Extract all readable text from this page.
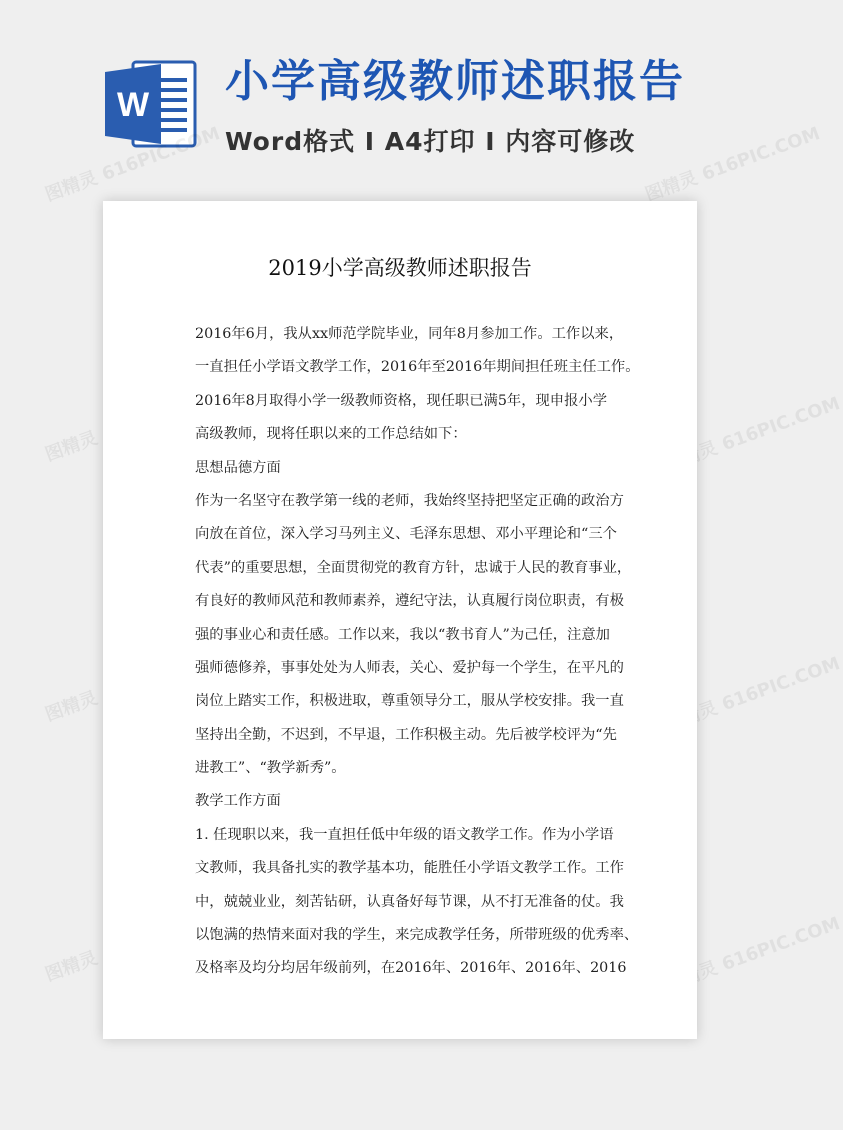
W 小学高级教师述职报告
Word格式 I A4打印 I 内容可修改
图精灵 616PIC.COM	图精灵 616PIC.COM
图精灵	图精灵 616PIC.COM
图精灵	图精灵 616PIC.COM
图精灵	图精灵 616PIC.COM
2019小学高级教师述职报告
2016年6月，我从xx师范学院毕业，同年8月参加工作。工作以来，
一直担任小学语文教学工作，2016年至2016年期间担任班主任工作。
2016年8月取得小学一级教师资格，现任职已满5年，现申报小学
高级教师，现将任职以来的工作总结如下：
思想品德方面
作为一名坚守在教学第一线的老师，我始终坚持把坚定正确的政治方
向放在首位，深入学习马列主义、毛泽东思想、邓小平理论和“三个
代表”的重要思想，全面贯彻党的教育方针，忠诚于人民的教育事业，
有良好的教师风范和教师素养，遵纪守法，认真履行岗位职责，有极
强的事业心和责任感。工作以来，我以“教书育人”为己任，注意加
强师德修养，事事处处为人师表，关心、爱护每一个学生，在平凡的
岗位上踏实工作，积极进取，尊重领导分工，服从学校安排。我一直
坚持出全勤，不迟到，不早退，工作积极主动。先后被学校评为“先
进教工”、“教学新秀”。
教学工作方面
1. 任现职以来，我一直担任低中年级的语文教学工作。作为小学语
文教师，我具备扎实的教学基本功，能胜任小学语文教学工作。工作
中，兢兢业业，刻苦钻研，认真备好每节课，从不打无准备的仗。我
以饱满的热情来面对我的学生，来完成教学任务，所带班级的优秀率、
及格率及均分均居年级前列，在2016年、2016年、2016年、2016
